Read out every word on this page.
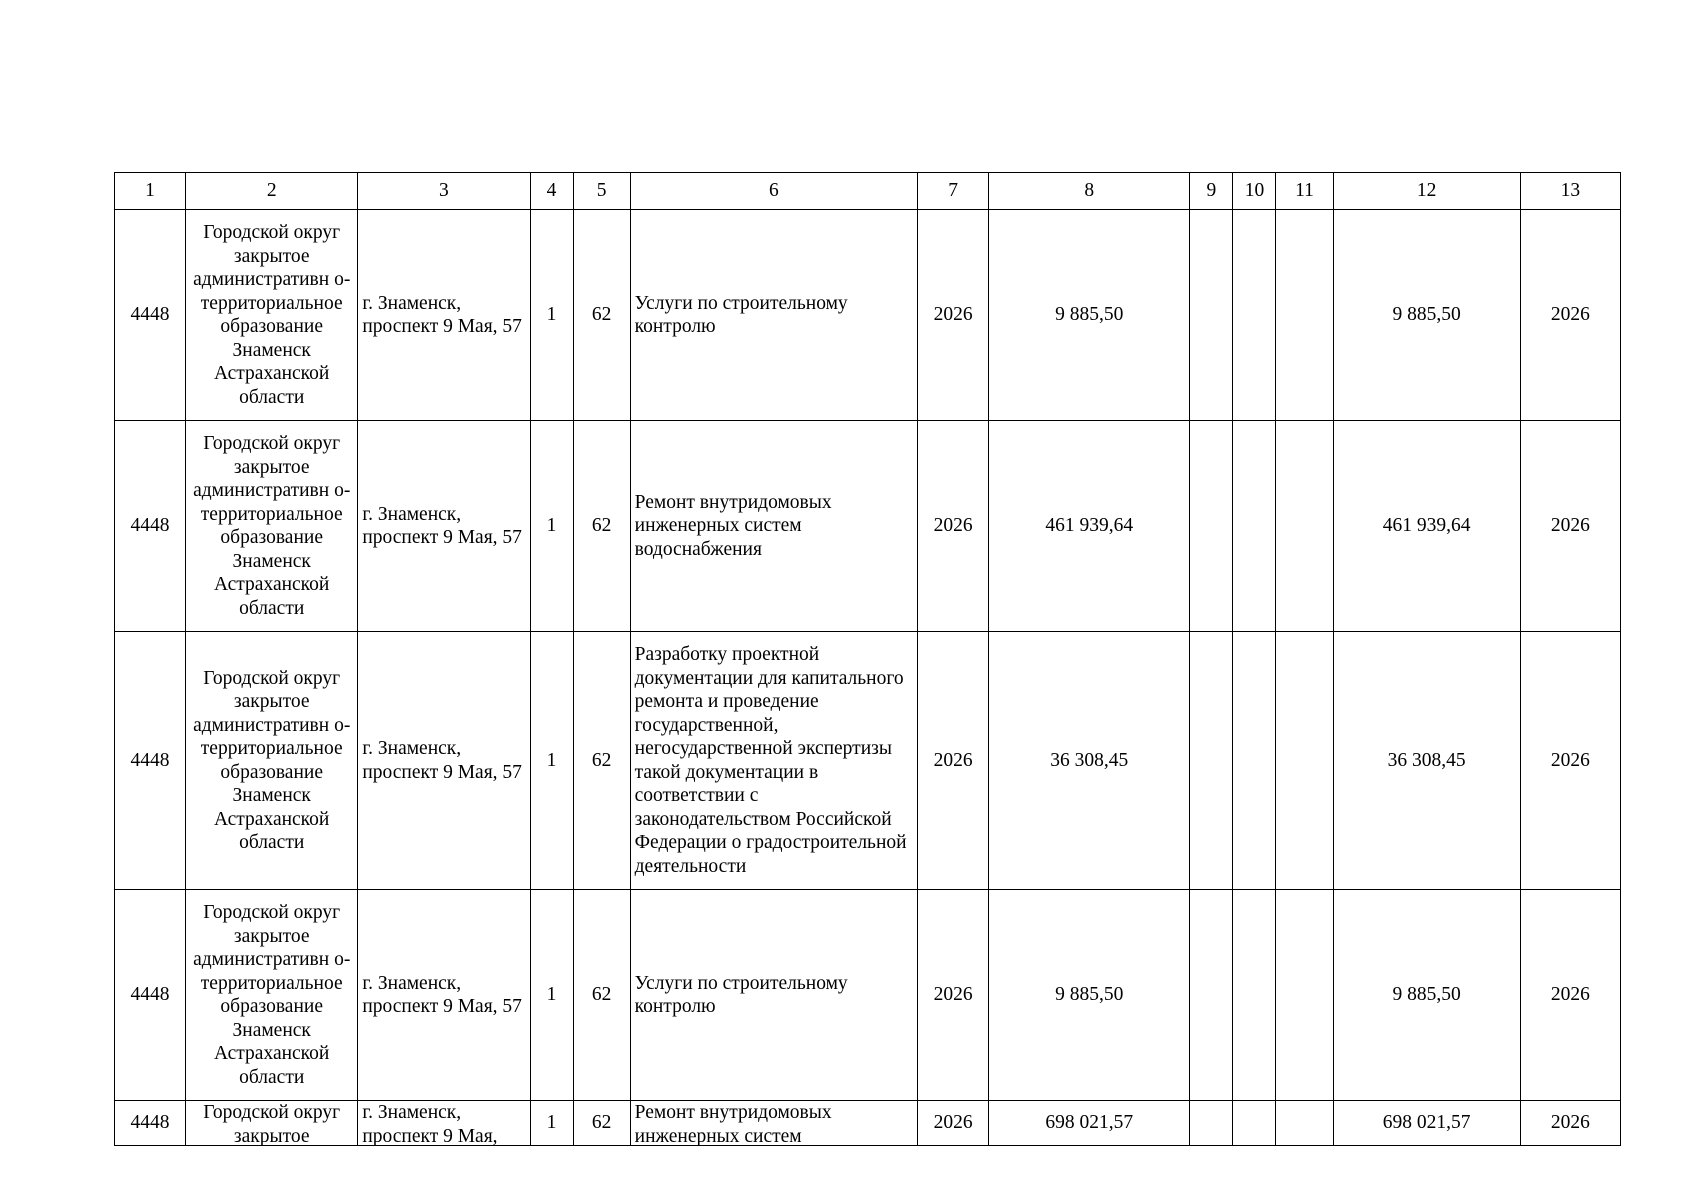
1	2	3	4	5	6	7	8	9	10	11	12	13
4448	Городской округ закрытое административн о-территориальное образование Знаменск Астраханской области	г. Знаменск, проспект 9 Мая, 57	1	62	Услуги по строительному контролю	2026	9 885,50				9 885,50	2026
4448	Городской округ закрытое административн о-территориальное образование Знаменск Астраханской области	г. Знаменск, проспект 9 Мая, 57	1	62	Ремонт внутридомовых инженерных систем водоснабжения	2026	461 939,64				461 939,64	2026
4448	Городской округ закрытое административн о-территориальное образование Знаменск Астраханской области	г. Знаменск, проспект 9 Мая, 57	1	62	Разработку проектной документации для капитального ремонта и проведение государственной, негосударственной экспертизы такой документации в соответствии с законодательством Российской Федерации о градостроительной деятельности	2026	36 308,45				36 308,45	2026
4448	Городской округ закрытое административн о-территориальное образование Знаменск Астраханской области	г. Знаменск, проспект 9 Мая, 57	1	62	Услуги по строительному контролю	2026	9 885,50				9 885,50	2026
4448	Городской округ закрытое	г. Знаменск, проспект 9 Мая,	1	62	Ремонт внутридомовых инженерных систем	2026	698 021,57				698 021,57	2026
